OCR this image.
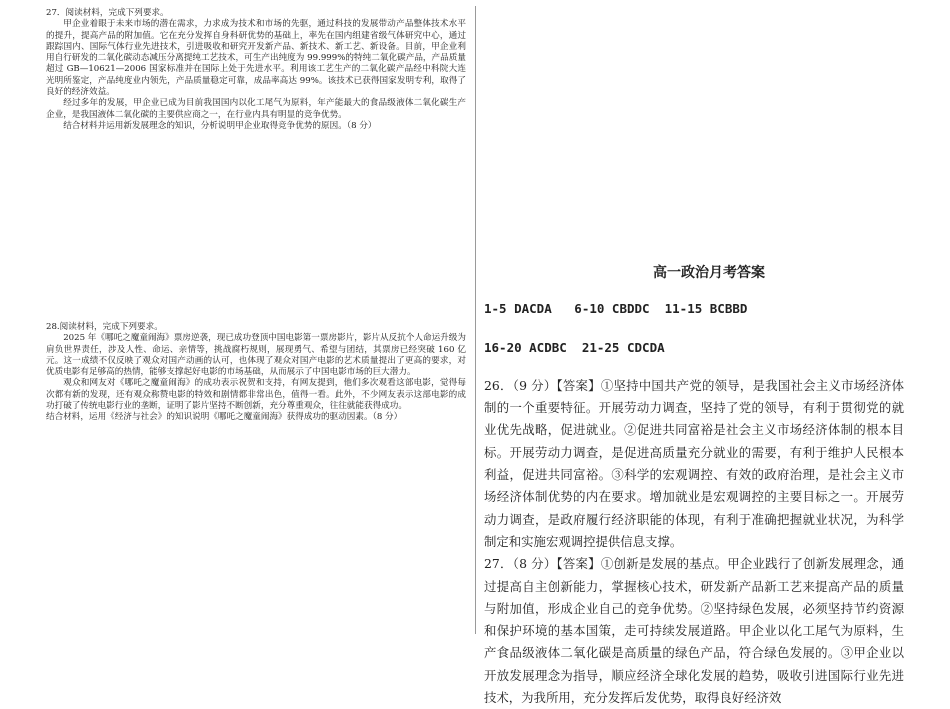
27．阅读材料，完成下列要求。

甲企业着眼于未来市场的潜在需求，力求成为技术和市场的先驱，通过科技的发展带动产品整体技术水平的提升，提高产品的附加值。它在充分发挥自身科研优势的基础上，率先在国内组建省级气体研究中心，通过跟踪国内、国际气体行业先进技术，引进吸收和研究开发新产品、新技术、新工艺、新设备。目前，甲企业利用自行研发的二氧化碳动态减压分离提纯工艺技术，可生产出纯度为 99.999%的特纯二氧化碳产品，产品质量超过 GB—10621—2006 国家标准并在国际上处于先进水平。利用该工艺生产的二氧化碳产品经中科院大连光明所鉴定，产品纯度业内领先，产品质量稳定可靠，成品率高达 99%。该技术已获得国家发明专利，取得了良好的经济效益。

经过多年的发展，甲企业已成为目前我国国内以化工尾气为原料，年产能最大的食品级液体二氧化碳生产企业，是我国液体二氧化碳的主要供应商之一，在行业内具有明显的竞争优势。

结合材料并运用新发展理念的知识，分析说明甲企业取得竞争优势的原因。（8 分）

28.阅读材料，完成下列要求。

2025 年《哪吒之魔童闹海》票房逆袭，现已成功登顶中国电影第一票房影片，影片从反抗个人命运升级为肩负世界责任，涉及人性、命运、亲情等，挑战腐朽规则，展现勇气、希望与团结，其票房已经突破 160 亿元。这一成绩不仅反映了观众对国产动画的认可，也体现了观众对国产电影的艺术质量提出了更高的要求，对优质电影有足够高的热情，能够支撑起好电影的市场基础，从而展示了中国电影市场的巨大潜力。

观众和网友对《哪吒之魔童闹海》的成功表示祝贺和支持，有网友提到，他们多次观看这部电影，觉得每次都有新的发现，还有观众称赞电影的特效和剧情都非常出色，值得一看。此外，不少网友表示这部电影的成功打破了传统电影行业的垄断，证明了影片坚持不断创新，充分尊重观众，往往就能获得成功。

结合材料，运用《经济与社会》的知识说明《哪吒之魔童闹海》获得成功的驱动因素。（8 分）

高一政治月考答案
1-5 DACDA   6-10 CBDDC  11-15 BCBBD
16-20 ACDBC  21-25 CDCDA

26．（9 分）【答案】①坚持中国共产党的领导，是我国社会主义市场经济体制的一个重要特征。开展劳动力调查，坚持了党的领导，有利于贯彻党的就业优先战略，促进就业。②促进共同富裕是社会主义市场经济体制的根本目标。开展劳动力调查，是促进高质量充分就业的需要，有利于维护人民根本利益，促进共同富裕。③科学的宏观调控、有效的政府治理，是社会主义市场经济体制优势的内在要求。增加就业是宏观调控的主要目标之一。开展劳动力调查，是政府履行经济职能的体现，有利于准确把握就业状况，为科学制定和实施宏观调控提供信息支撑。

27．（8 分）【答案】①创新是发展的基点。甲企业践行了创新发展理念，通过提高自主创新能力，掌握核心技术，研发新产品新工艺来提高产品的质量与附加值，形成企业自己的竞争优势。②坚持绿色发展，必须坚持节约资源和保护环境的基本国策，走可持续发展道路。甲企业以化工尾气为原料，生产食品级液体二氧化碳是高质量的绿色产品，符合绿色发展的。③甲企业以开放发展理念为指导，顺应经济全球化发展的趋势，吸收引进国际行业先进技术，为我所用，充分发挥后发优势，取得良好经济效
